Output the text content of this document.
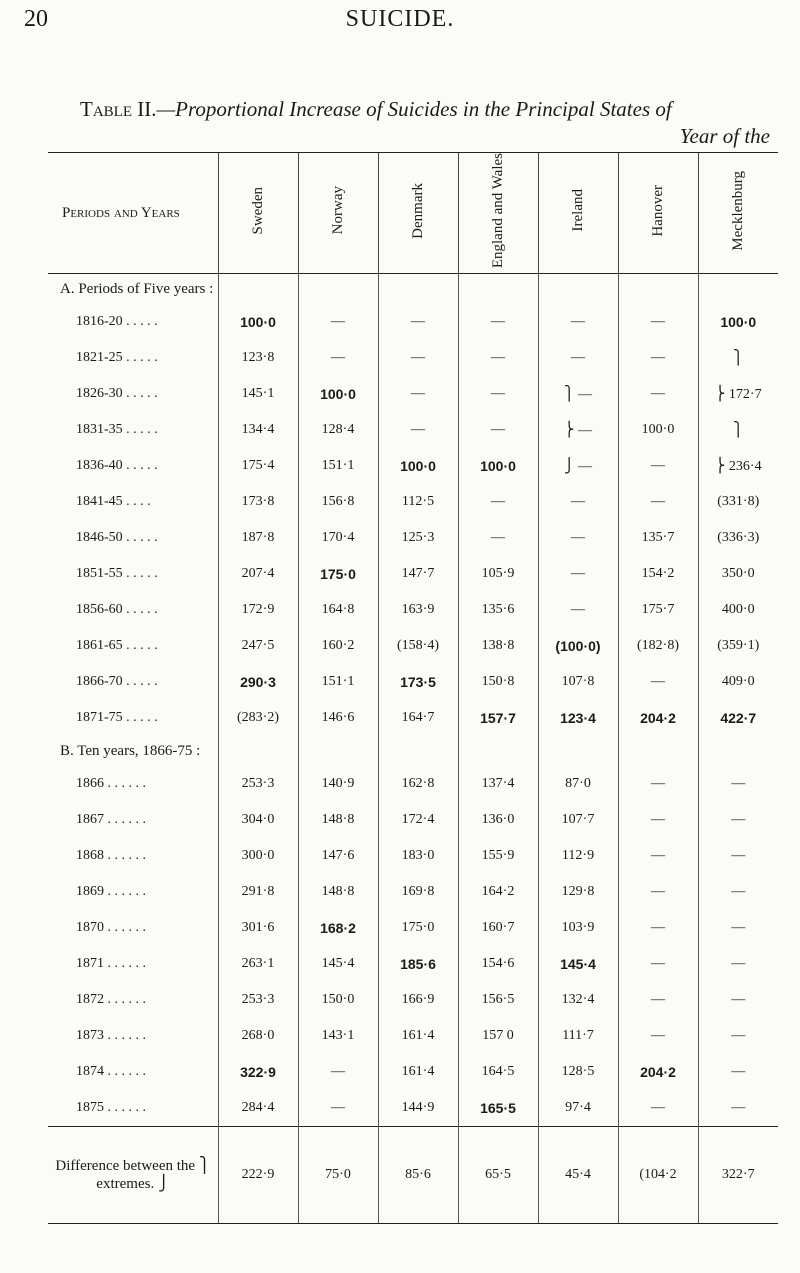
20	SUICIDE.
Table II.—Proportional Increase of Suicides in the Principal States of
Year of the
Periods and Years	Sweden	Norway	Denmark	England and Wales	Ireland	Hanover	Mecklenburg
A. Periods of Five years :							
1816-20 . . . . .	100·0	—	—	—	—	—	100·0
1821-25 . . . . .	123·8	—	—	—	—	—	⎫
1826-30 . . . . .	145·1	100·0	—	—	⎫ —	—	⎬ 172·7
1831-35 . . . . .	134·4	128·4	—	—	⎬ —	100·0	⎫
1836-40 . . . . .	175·4	151·1	100·0	100·0	⎭ —	—	⎬ 236·4
1841-45 . . . .	173·8	156·8	112·5	—	—	—	(331·8)
1846-50 . . . . .	187·8	170·4	125·3	—	—	135·7	(336·3)
1851-55 . . . . .	207·4	175·0	147·7	105·9	—	154·2	350·0
1856-60 . . . . .	172·9	164·8	163·9	135·6	—	175·7	400·0
1861-65 . . . . .	247·5	160·2	(158·4)	138·8	(100·0)	(182·8)	(359·1)
1866-70 . . . . .	290·3	151·1	173·5	150·8	107·8	—	409·0
1871-75 . . . . .	(283·2)	146·6	164·7	157·7	123·4	204·2	422·7
B. Ten years, 1866-75 :							
1866 . . . . . .	253·3	140·9	162·8	137·4	87·0	—	—
1867 . . . . . .	304·0	148·8	172·4	136·0	107·7	—	—
1868 . . . . . .	300·0	147·6	183·0	155·9	112·9	—	—
1869 . . . . . .	291·8	148·8	169·8	164·2	129·8	—	—
1870 . . . . . .	301·6	168·2	175·0	160·7	103·9	—	—
1871 . . . . . .	263·1	145·4	185·6	154·6	145·4	—	—
1872 . . . . . .	253·3	150·0	166·9	156·5	132·4	—	—
1873 . . . . . .	268·0	143·1	161·4	157 0	111·7	—	—
1874 . . . . . .	322·9	—	161·4	164·5	128·5	204·2	—
1875 . . . . . .	284·4	—	144·9	165·5	97·4	—	—
Difference between the ⎫
extremes. ⎭	222·9	75·0	85·6	65·5	45·4	(104·2	322·7
